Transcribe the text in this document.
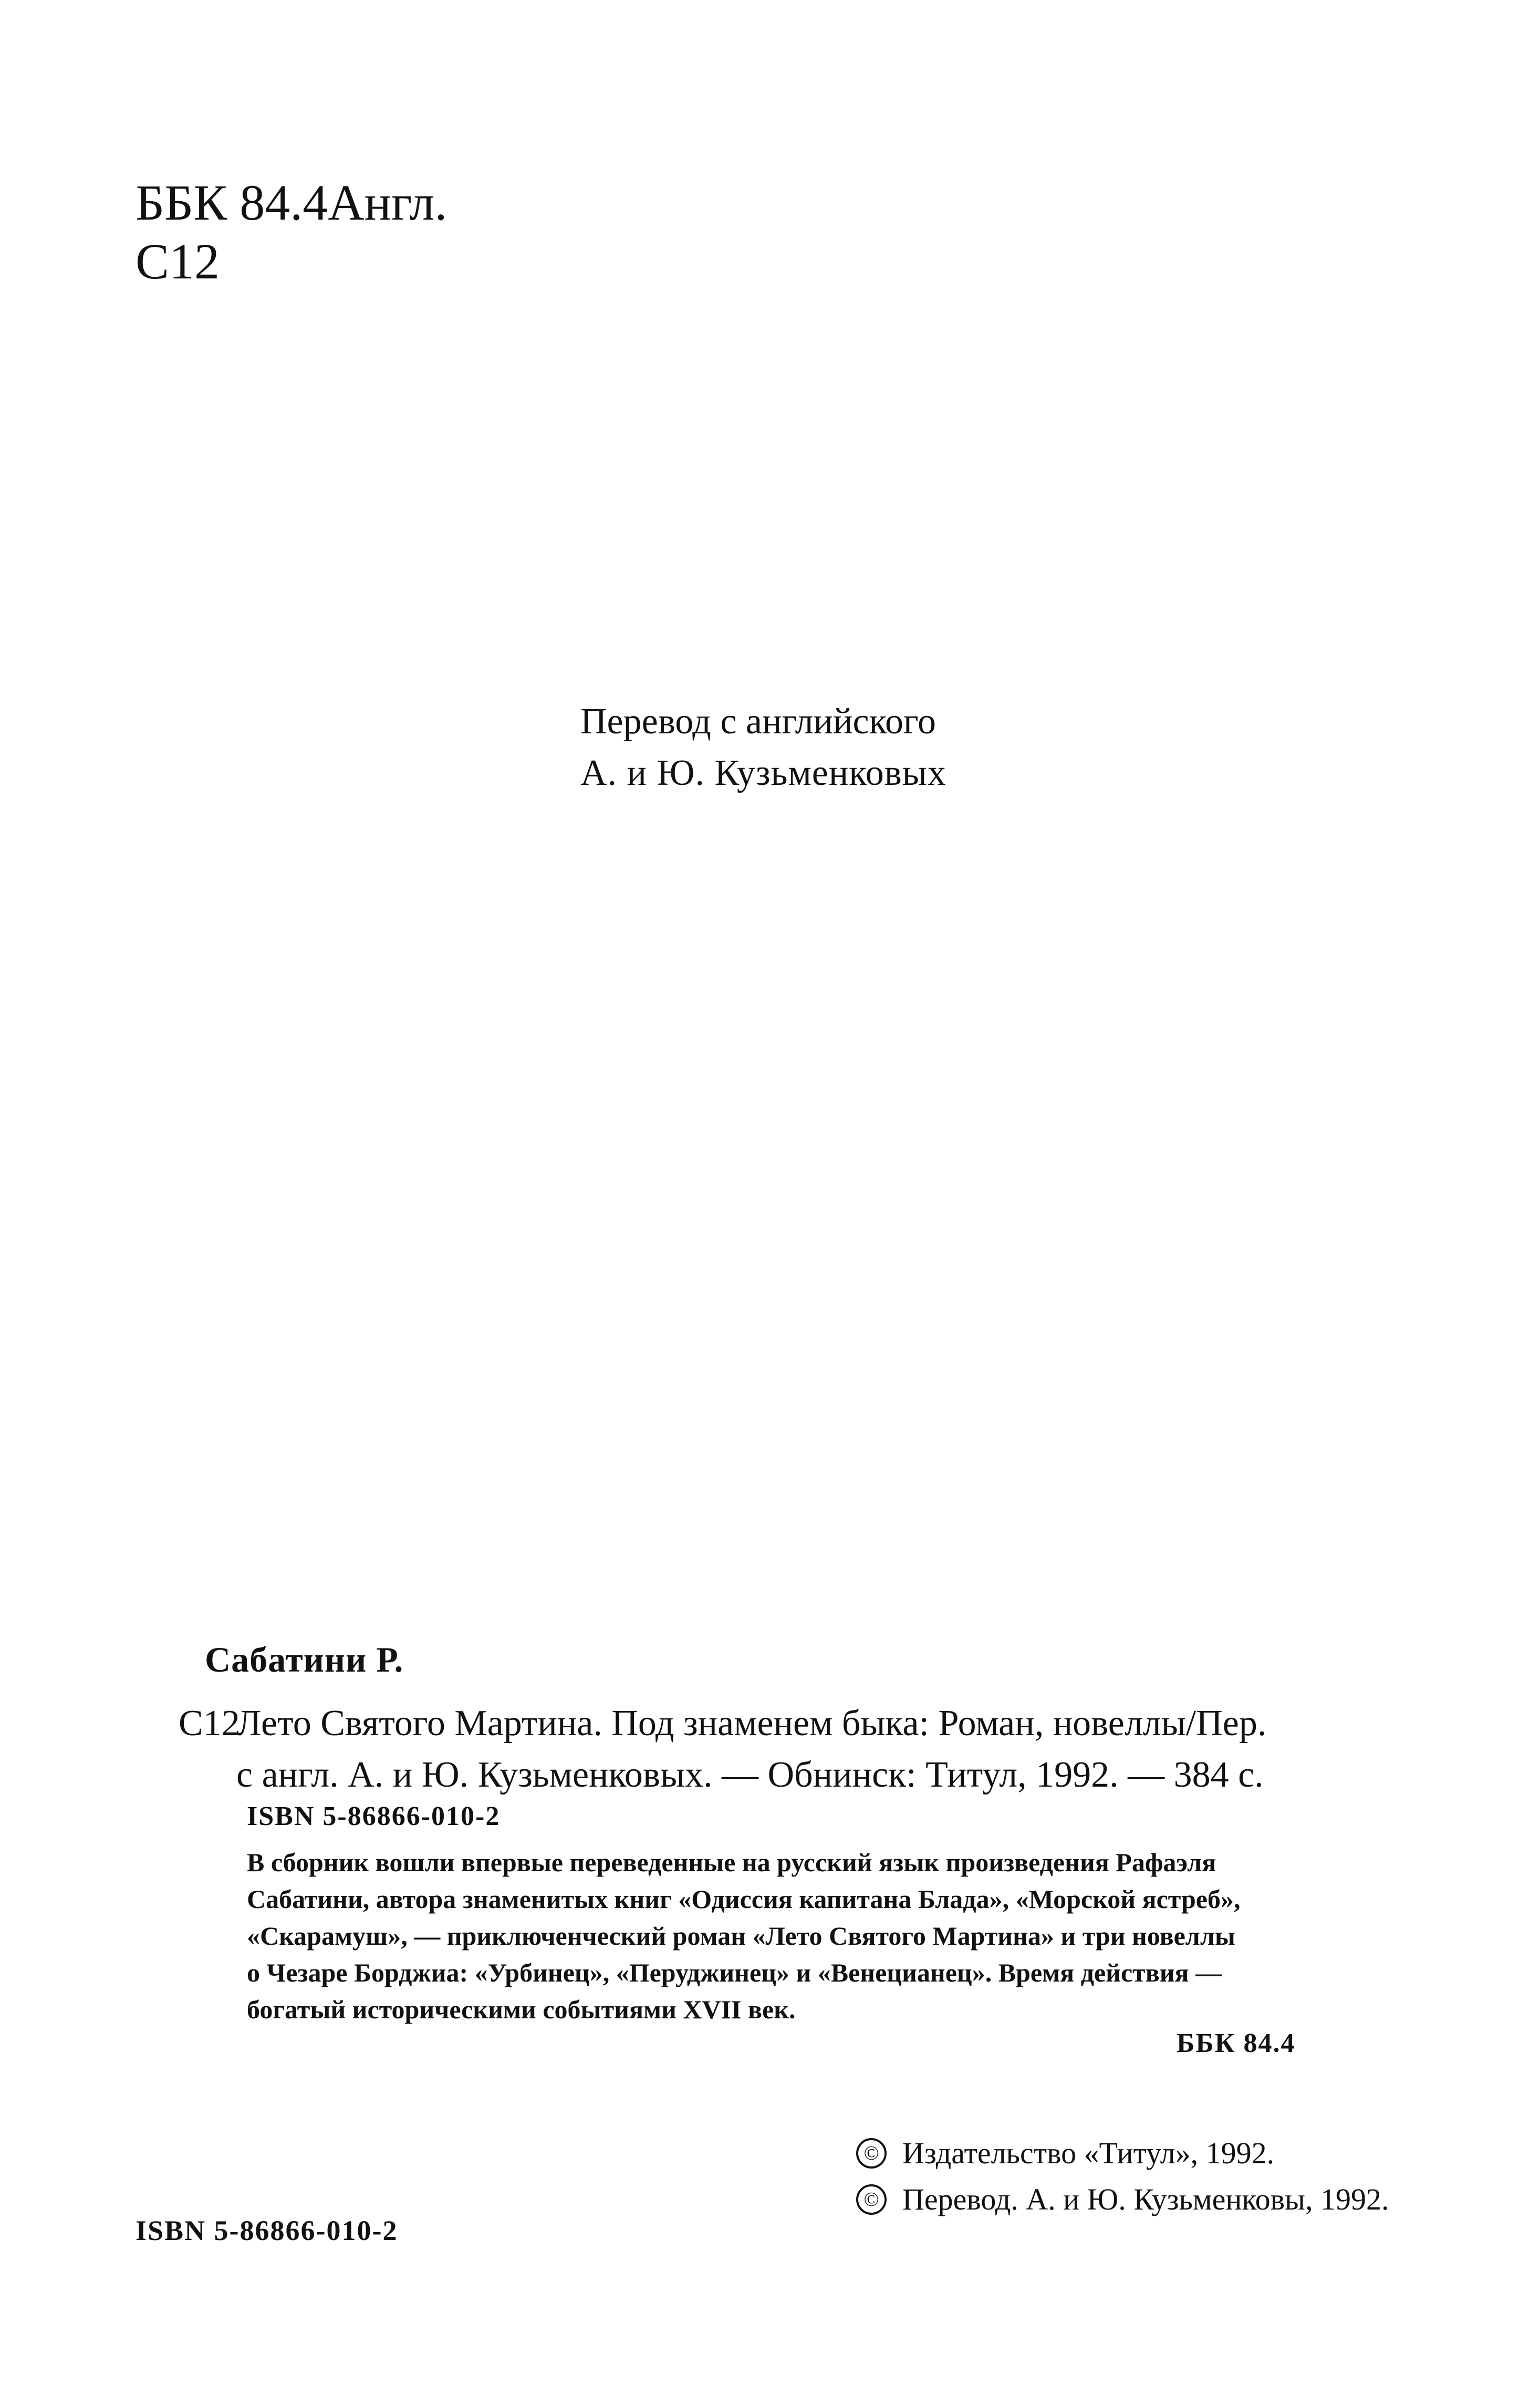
ББК 84.4Англ.
С12
Перевод с английского
А. и Ю. Кузьменковых
Сабатини Р.
С12
Лето Святого Мартина. Под знаменем быка: Роман, новеллы/Пер.
с англ. А. и Ю. Кузьменковых. — Обнинск: Титул, 1992. — 384 с.
ISBN 5-86866-010-2
В сборник вошли впервые переведенные на русский язык произведения Рафаэля
Сабатини, автора знаменитых книг «Одиссия капитана Блада», «Морской ястреб»,
«Скарамуш», — приключенческий роман «Лето Святого Мартина» и три новеллы
о Чезаре Борджиа: «Урбинец», «Перуджинец» и «Венецианец». Время действия —
богатый историческими событиями XVII век.
ББК 84.4
© Издательство «Титул», 1992.
© Перевод. А. и Ю. Кузьменковы, 1992.
ISBN 5-86866-010-2
